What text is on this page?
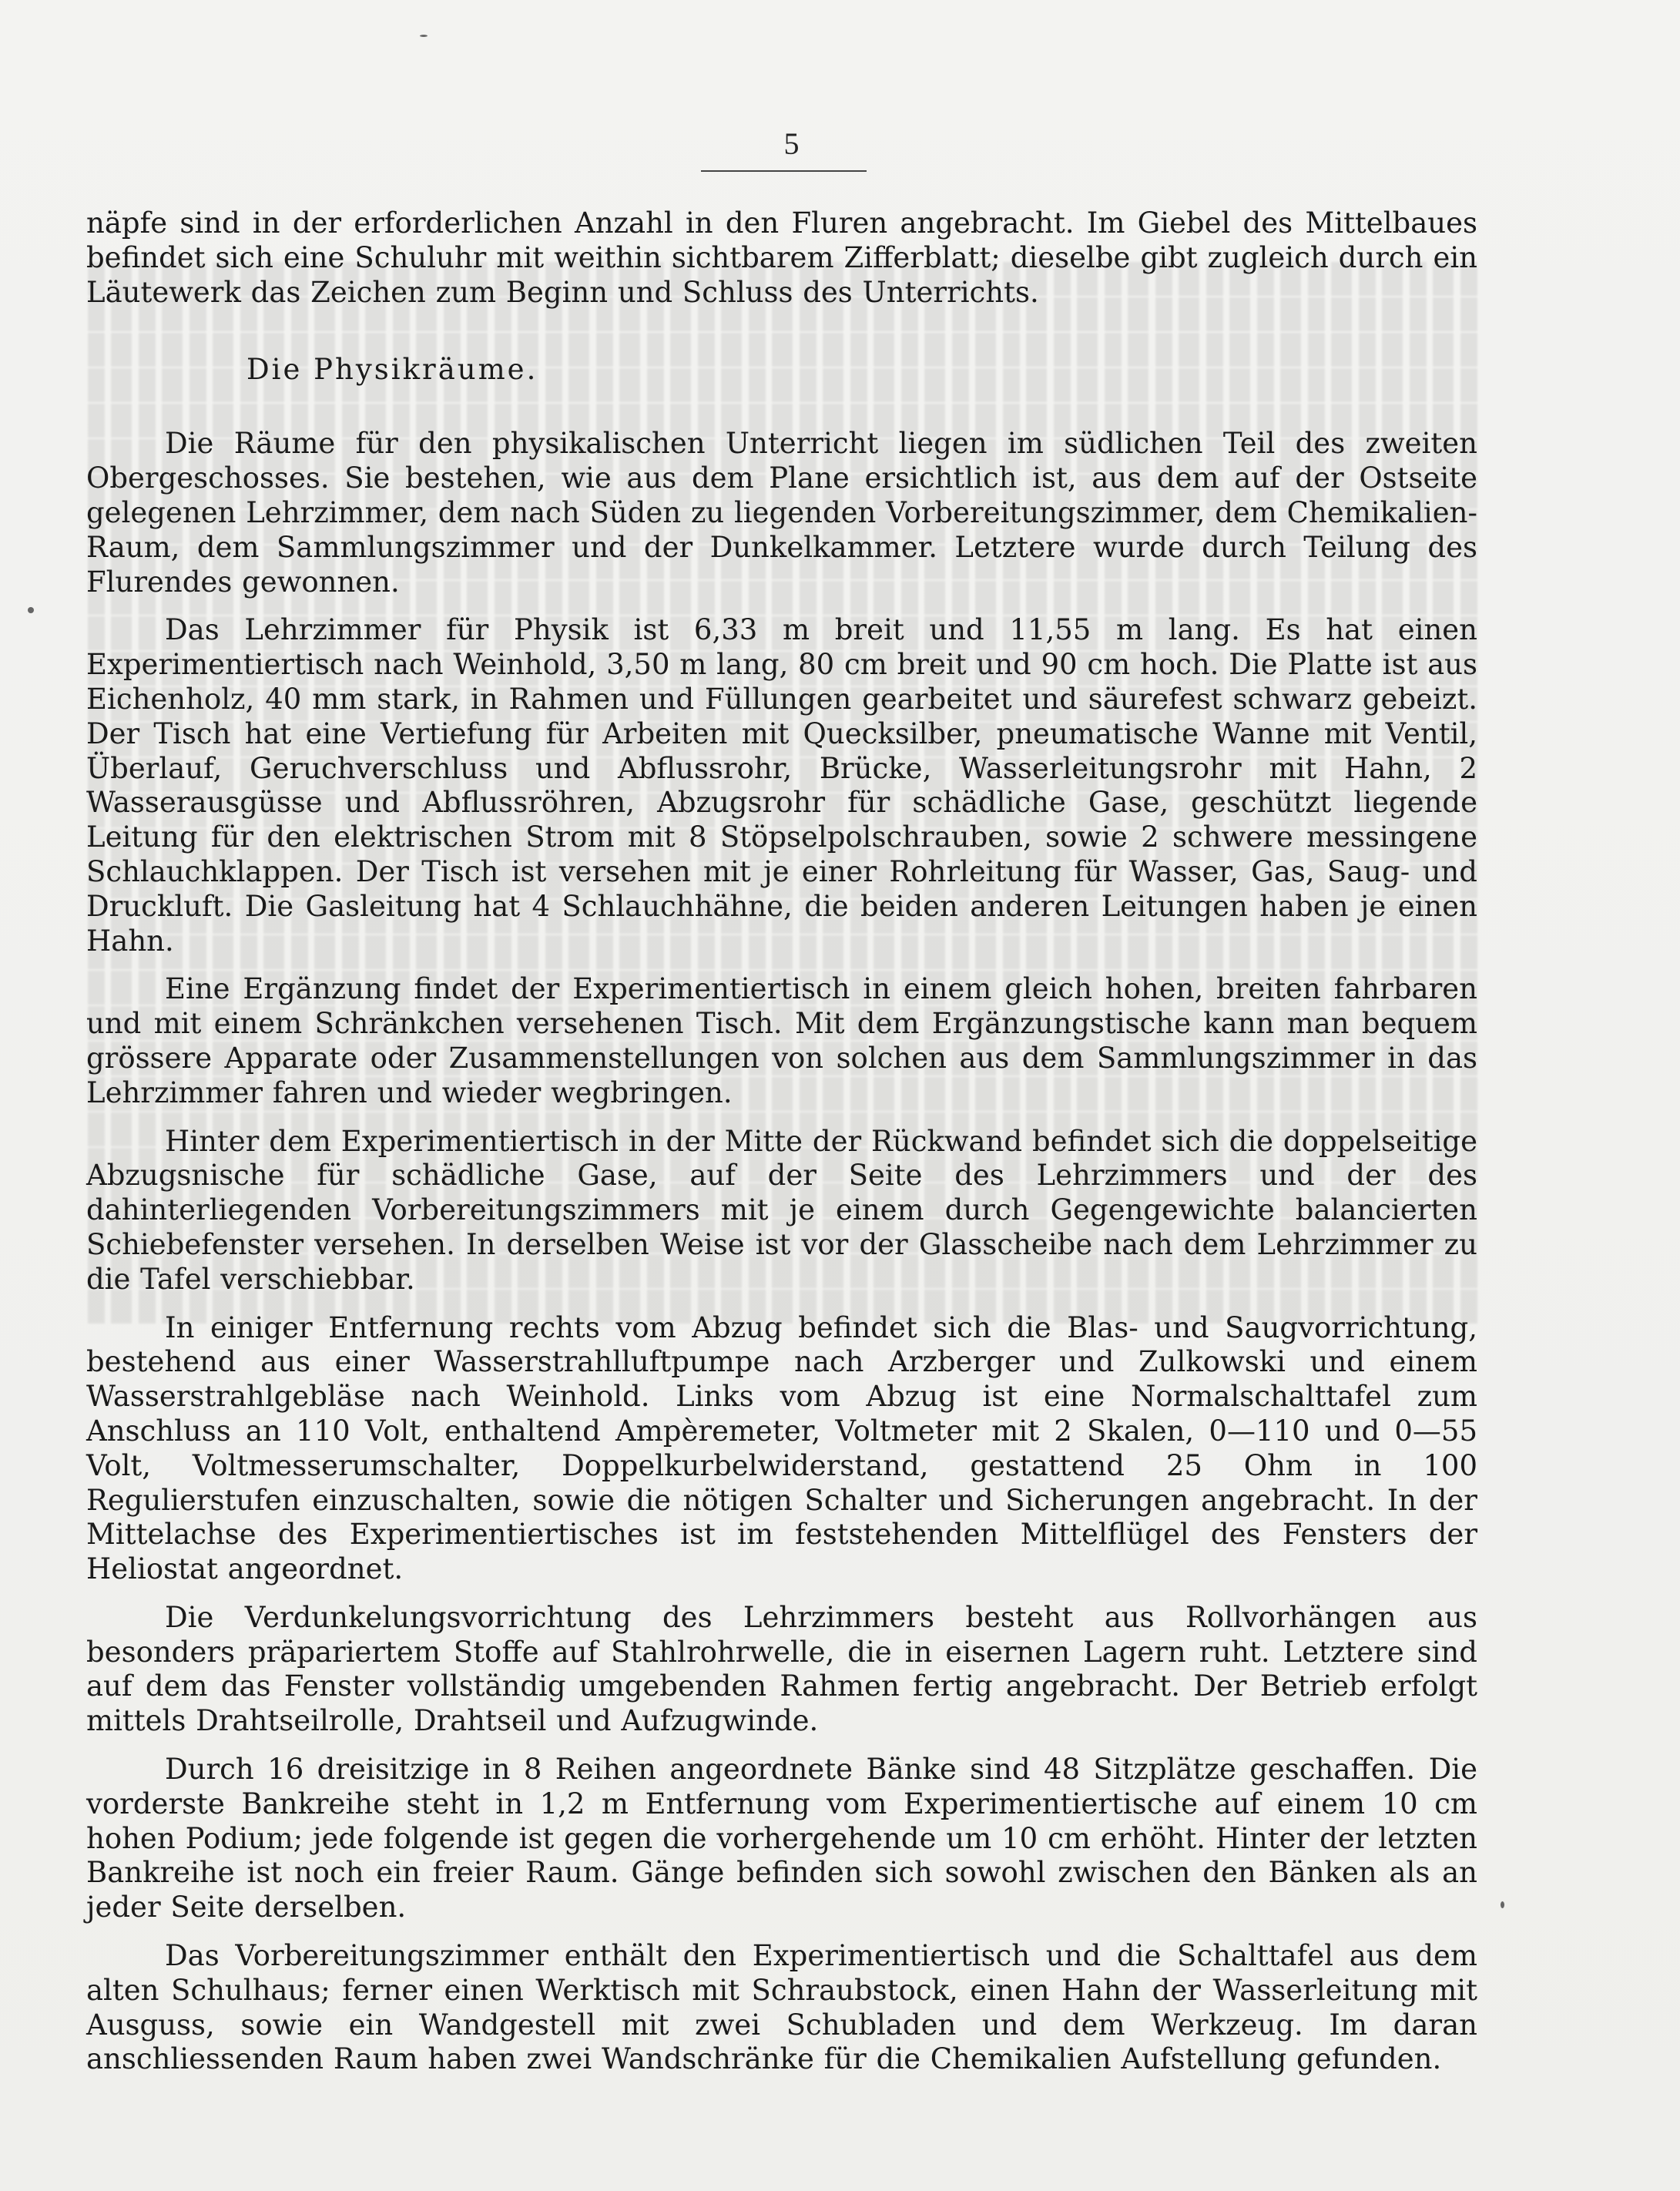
5

näpfe sind in der erforderlichen Anzahl in den Fluren angebracht. Im Giebel des Mittelbaues befindet sich eine Schuluhr mit weithin sichtbarem Zifferblatt; dieselbe gibt zugleich durch ein Läutewerk das Zeichen zum Beginn und Schluss des Unterrichts.

Die Physikräume.

Die Räume für den physikalischen Unterricht liegen im südlichen Teil des zweiten Obergeschosses. Sie bestehen, wie aus dem Plane ersichtlich ist, aus dem auf der Ostseite gelegenen Lehrzimmer, dem nach Süden zu liegenden Vorbereitungszimmer, dem Chemikalien-Raum, dem Sammlungszimmer und der Dunkelkammer. Letztere wurde durch Teilung des Flurendes gewonnen.

Das Lehrzimmer für Physik ist 6,33 m breit und 11,55 m lang. Es hat einen Experimentiertisch nach Weinhold, 3,50 m lang, 80 cm breit und 90 cm hoch. Die Platte ist aus Eichenholz, 40 mm stark, in Rahmen und Füllungen gearbeitet und säurefest schwarz gebeizt. Der Tisch hat eine Vertiefung für Arbeiten mit Quecksilber, pneumatische Wanne mit Ventil, Überlauf, Geruchverschluss und Abflussrohr, Brücke, Wasserleitungsrohr mit Hahn, 2 Wasserausgüsse und Abflussröhren, Abzugsrohr für schädliche Gase, geschützt liegende Leitung für den elektrischen Strom mit 8 Stöpselpolschrauben, sowie 2 schwere messingene Schlauchklappen. Der Tisch ist versehen mit je einer Rohrleitung für Wasser, Gas, Saug- und Druckluft. Die Gasleitung hat 4 Schlauchhähne, die beiden anderen Leitungen haben je einen Hahn.

Eine Ergänzung findet der Experimentiertisch in einem gleich hohen, breiten fahrbaren und mit einem Schränkchen versehenen Tisch. Mit dem Ergänzungstische kann man bequem grössere Apparate oder Zusammenstellungen von solchen aus dem Sammlungszimmer in das Lehrzimmer fahren und wieder wegbringen.

Hinter dem Experimentiertisch in der Mitte der Rückwand befindet sich die doppelseitige Abzugsnische für schädliche Gase, auf der Seite des Lehrzimmers und der des dahinterliegenden Vorbereitungszimmers mit je einem durch Gegengewichte balancierten Schiebefenster versehen. In derselben Weise ist vor der Glasscheibe nach dem Lehrzimmer zu die Tafel verschiebbar.

In einiger Entfernung rechts vom Abzug befindet sich die Blas- und Saugvorrichtung, bestehend aus einer Wasserstrahlluftpumpe nach Arzberger und Zulkowski und einem Wasserstrahlgebläse nach Weinhold. Links vom Abzug ist eine Normalschalttafel zum Anschluss an 110 Volt, enthaltend Ampèremeter, Voltmeter mit 2 Skalen, 0—110 und 0—55 Volt, Voltmesserumschalter, Doppelkurbelwiderstand, gestattend 25 Ohm in 100 Regulierstufen einzuschalten, sowie die nötigen Schalter und Sicherungen angebracht. In der Mittelachse des Experimentiertisches ist im feststehenden Mittelflügel des Fensters der Heliostat angeordnet.

Die Verdunkelungsvorrichtung des Lehrzimmers besteht aus Rollvorhängen aus besonders präpariertem Stoffe auf Stahlrohrwelle, die in eisernen Lagern ruht. Letztere sind auf dem das Fenster vollständig umgebenden Rahmen fertig angebracht. Der Betrieb erfolgt mittels Drahtseilrolle, Drahtseil und Aufzugwinde.

Durch 16 dreisitzige in 8 Reihen angeordnete Bänke sind 48 Sitzplätze geschaffen. Die vorderste Bankreihe steht in 1,2 m Entfernung vom Experimentiertische auf einem 10 cm hohen Podium; jede folgende ist gegen die vorhergehende um 10 cm erhöht. Hinter der letzten Bankreihe ist noch ein freier Raum. Gänge befinden sich sowohl zwischen den Bänken als an jeder Seite derselben.

Das Vorbereitungszimmer enthält den Experimentiertisch und die Schalttafel aus dem alten Schulhaus; ferner einen Werktisch mit Schraubstock, einen Hahn der Wasserleitung mit Ausguss, sowie ein Wandgestell mit zwei Schubladen und dem Werkzeug. Im daran anschliessenden Raum haben zwei Wandschränke für die Chemikalien Aufstellung gefunden.
